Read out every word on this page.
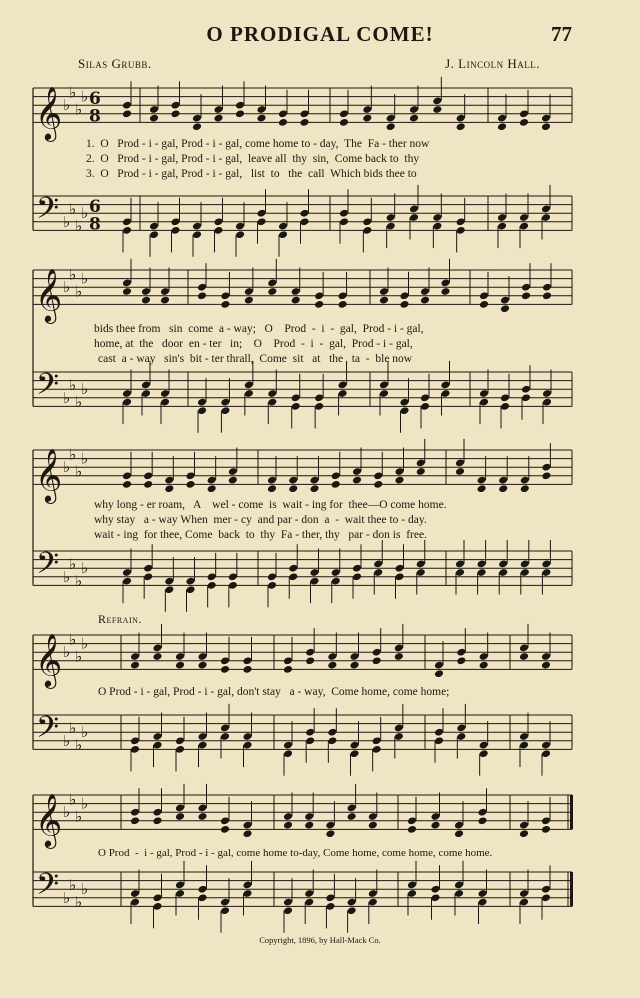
O PRODIGAL COME!	77
Silas Grubb.	J. Lincoln Hall.
𝄞 ♭
♭
♭
♭
𝄢 ♭
♭
♭
♭
6
8
6
8
𝄞 ♭
♭
♭
♭
𝄢 ♭
♭
♭
♭
𝄞 ♭
♭
♭
♭
𝄢 ♭
♭
♭
♭
𝄞 ♭
♭
♭
♭
𝄢 ♭
♭
♭
♭
𝄞 ♭
♭
♭
♭
𝄢 ♭
♭
♭
♭
1.  O   Prod - i - gal, Prod - i - gal, come home to - day,  The  Fa - ther now
2.  O   Prod - i - gal, Prod - i - gal,  leave all  thy  sin,  Come back to  thy
3.  O   Prod - i - gal, Prod - i - gal,   list  to   the  call  Which bids thee to
bids thee from   sin  come  a - way;   O    Prod  -  i  -  gal,  Prod - i - gal,
home, at  the   door  en - ter   in;    O    Prod  -  i  -  gal,  Prod - i - gal,
cast  a - way   sin's  bit - ter thrall,  Come  sit   at   the   ta  -  ble now
why long - er roam,   A    wel - come  is  wait - ing for  thee—O come home.
why stay   a - way When  mer - cy  and par - don  a  -  wait thee to - day.
wait - ing  for thee, Come  back  to  thy  Fa - ther, thy   par - don is  free.
Refrain.
O Prod - i - gal, Prod - i - gal, don't stay   a - way,  Come home, come home;
O Prod  -  i - gal, Prod - i - gal, come home to-day, Come home, come home, come home.
Copyright, 1896, by Hall-Mack Co.
